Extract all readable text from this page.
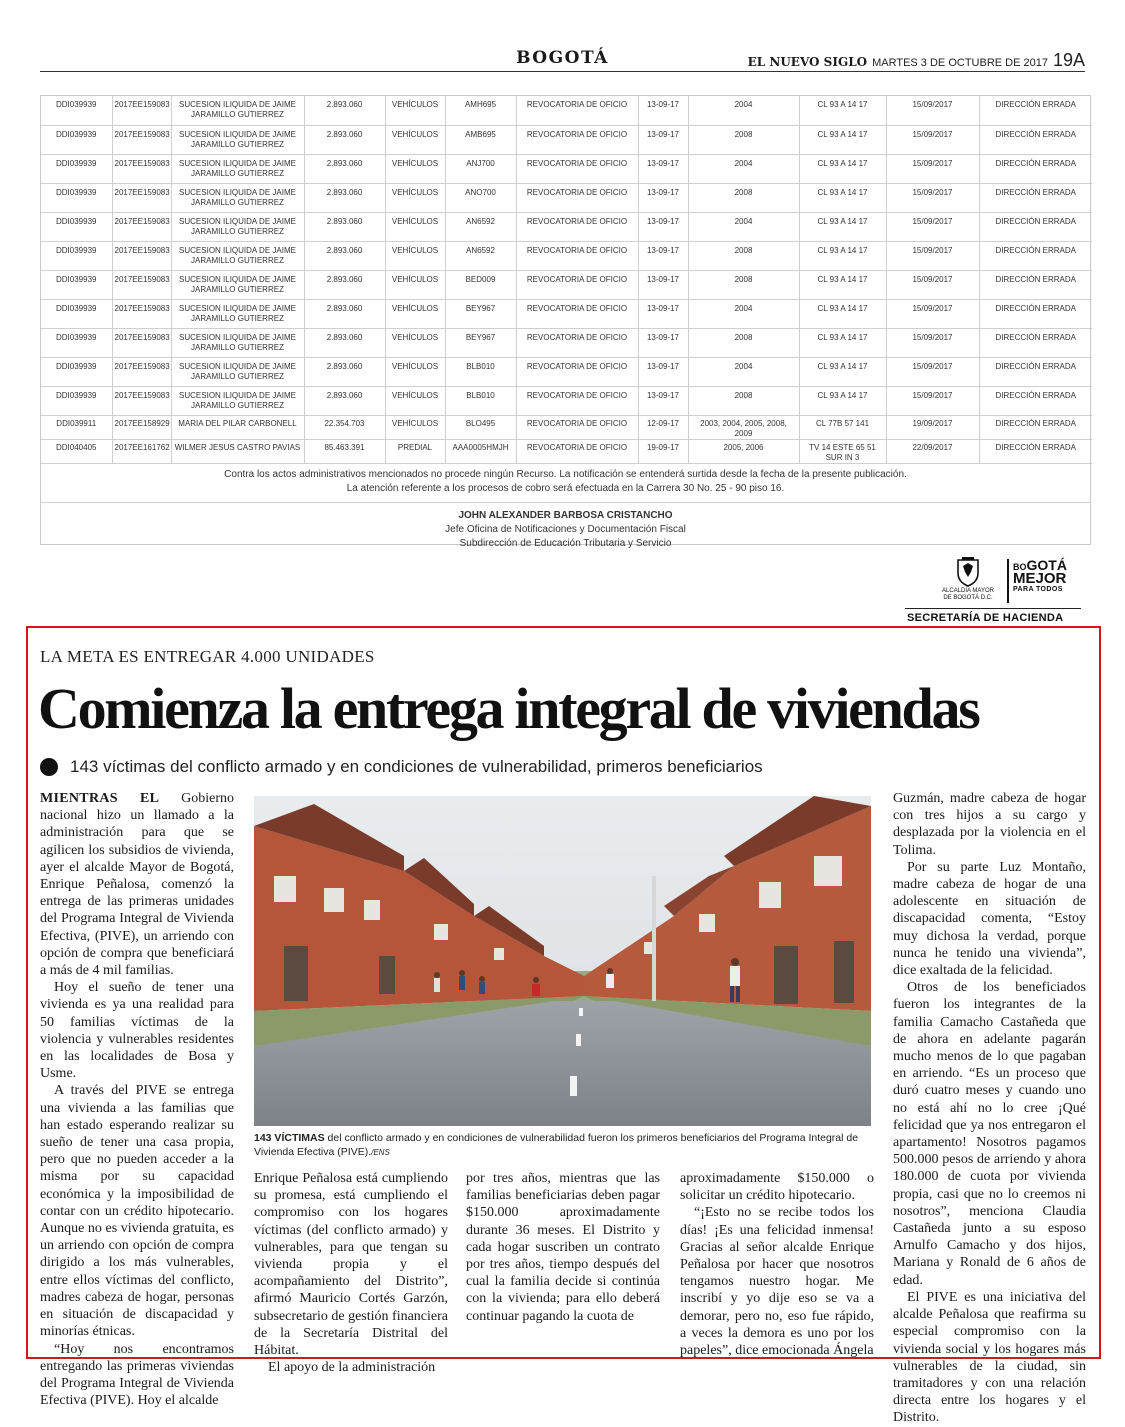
BOGOTÁ	EL NUEVO SIGLO MARTES 3 DE OCTUBRE DE 2017 19A
DDI039939	2017EE159083	SUCESION ILIQUIDA DE JAIME JARAMILLO GUTIERREZ	2.893.060	VEHÍCULOS	AMH695	REVOCATORIA DE OFICIO	13-09-17	2004	CL 93 A 14 17	15/09/2017	DIRECCIÓN ERRADA
DDI039939	2017EE159083	SUCESION ILIQUIDA DE JAIME JARAMILLO GUTIERREZ	2.893.060	VEHÍCULOS	AMB695	REVOCATORIA DE OFICIO	13-09-17	2008	CL 93 A 14 17	15/09/2017	DIRECCIÓN ERRADA
DDI039939	2017EE159083	SUCESION ILIQUIDA DE JAIME JARAMILLO GUTIERREZ	2.893.060	VEHÍCULOS	ANJ700	REVOCATORIA DE OFICIO	13-09-17	2004	CL 93 A 14 17	15/09/2017	DIRECCIÓN ERRADA
DDI039939	2017EE159083	SUCESION ILIQUIDA DE JAIME JARAMILLO GUTIERREZ	2.893.060	VEHÍCULOS	ANO700	REVOCATORIA DE OFICIO	13-09-17	2008	CL 93 A 14 17	15/09/2017	DIRECCIÓN ERRADA
DDI039939	2017EE159083	SUCESION ILIQUIDA DE JAIME JARAMILLO GUTIERREZ	2.893.060	VEHÍCULOS	AN6592	REVOCATORIA DE OFICIO	13-09-17	2004	CL 93 A 14 17	15/09/2017	DIRECCIÓN ERRADA
DDI039939	2017EE159083	SUCESION ILIQUIDA DE JAIME JARAMILLO GUTIERREZ	2.893.060	VEHÍCULOS	AN6592	REVOCATORIA DE OFICIO	13-09-17	2008	CL 93 A 14 17	15/09/2017	DIRECCIÓN ERRADA
DDI039939	2017EE159083	SUCESION ILIQUIDA DE JAIME JARAMILLO GUTIERREZ	2.893.060	VEHÍCULOS	BED009	REVOCATORIA DE OFICIO	13-09-17	2008	CL 93 A 14 17	15/09/2017	DIRECCIÓN ERRADA
DDI039939	2017EE159083	SUCESION ILIQUIDA DE JAIME JARAMILLO GUTIERREZ	2.893.060	VEHÍCULOS	BEY967	REVOCATORIA DE OFICIO	13-09-17	2004	CL 93 A 14 17	15/09/2017	DIRECCIÓN ERRADA
DDI039939	2017EE159083	SUCESION ILIQUIDA DE JAIME JARAMILLO GUTIERREZ	2.893.060	VEHÍCULOS	BEY967	REVOCATORIA DE OFICIO	13-09-17	2008	CL 93 A 14 17	15/09/2017	DIRECCIÓN ERRADA
DDI039939	2017EE159083	SUCESION ILIQUIDA DE JAIME JARAMILLO GUTIERREZ	2.893.060	VEHÍCULOS	BLB010	REVOCATORIA DE OFICIO	13-09-17	2004	CL 93 A 14 17	15/09/2017	DIRECCIÓN ERRADA
DDI039939	2017EE159083	SUCESION ILIQUIDA DE JAIME JARAMILLO GUTIERREZ	2.893.060	VEHÍCULOS	BLB010	REVOCATORIA DE OFICIO	13-09-17	2008	CL 93 A 14 17	15/09/2017	DIRECCIÓN ERRADA
DDI039911	2017EE158929	MARIA DEL PILAR CARBONELL	22.354.703	VEHÍCULOS	BLO495	REVOCATORIA DE OFICIO	12-09-17	2003, 2004, 2005, 2008, 2009	CL 77B 57 141	19/09/2017	DIRECCIÓN ERRADA
DDI040405	2017EE161762	WILMER JESUS CASTRO PAVIAS	85.463.391	PREDIAL	AAA0005HMJH	REVOCATORIA DE OFICIO	19-09-17	2005, 2006	TV 14 ESTE 65 51 SUR IN 3	22/09/2017	DIRECCIÓN ERRADA
Contra los actos administrativos mencionados no procede ningún Recurso. La notificación se entenderá surtida desde la fecha de la presente publicación.
La atención referente a los procesos de cobro será efectuada en la Carrera 30 No. 25 - 90 piso 16.
JOHN ALEXANDER BARBOSA CRISTANCHO
Jefe Oficina de Notificaciones y Documentación Fiscal
Subdirección de Educación Tributaria y Servicio
ALCALDÍA MAYOR
DE BOGOTÁ D.C.
BOGOTÁ
MEJOR
PARA TODOS
SECRETARÍA DE HACIENDA
LA META ES ENTREGAR 4.000 UNIDADES
Comienza la entrega integral de viviendas
143 víctimas del conflicto armado y en condiciones de vulnerabilidad, primeros beneficiarios

MIENTRAS EL Gobierno nacional hizo un llamado a la administración para que se agilicen los subsidios de vivienda, ayer el alcalde Mayor de Bogotá, Enrique Peñalosa, comenzó la entrega de las primeras unidades del Programa Integral de Vivienda Efectiva, (PIVE), un arriendo con opción de compra que beneficiará a más de 4 mil familias.

Hoy el sueño de tener una vivienda es ya una realidad para 50 familias víctimas de la violencia y vulnerables residentes en las localidades de Bosa y Usme.

A través del PIVE se entrega una vivienda a las familias que han estado esperando realizar su sueño de tener una casa propia, pero que no pueden acceder a la misma por su capacidad económica y la imposibilidad de contar con un crédito hipotecario. Aunque no es vivienda gratuita, es un arriendo con opción de compra dirigido a los más vulnerables, entre ellos víctimas del conflicto, madres cabeza de hogar, personas en situación de discapacidad y minorías étnicas.

“Hoy nos encontramos entregando las primeras viviendas del Programa Integral de Vivienda Efectiva (PIVE). Hoy el alcalde

143 VÍCTIMAS del conflicto armado y en condiciones de vulnerabilidad fueron los primeros beneficiarios del Programa Integral de Vivienda Efectiva (PIVE)./ENS

Enrique Peñalosa está cumpliendo su promesa, está cumpliendo el compromiso con los hogares víctimas (del conflicto armado) y vulnerables, para que tengan su vivienda propia y el acompañamiento del Distrito”, afirmó Mauricio Cortés Garzón, subsecretario de gestión financiera de la Secretaría Distrital del Hábitat.

El apoyo de la administración

por tres años, mientras que las familias beneficiarias deben pagar $150.000 aproximadamente durante 36 meses. El Distrito y cada hogar suscriben un contrato por tres años, tiempo después del cual la familia decide si continúa con la vivienda; para ello deberá continuar pagando la cuota de

aproximadamente $150.000 o solicitar un crédito hipotecario.

“¡Esto no se recibe todos los días! ¡Es una felicidad inmensa! Gracias al señor alcalde Enrique Peñalosa por hacer que nosotros tengamos nuestro hogar. Me inscribí y yo dije eso se va a demorar, pero no, eso fue rápido, a veces la demora es uno por los papeles”, dice emocionada Ángela

Guzmán, madre cabeza de hogar con tres hijos a su cargo y desplazada por la violencia en el Tolima.

Por su parte Luz Montaño, madre cabeza de hogar de una adolescente en situación de discapacidad comenta, “Estoy muy dichosa la verdad, porque nunca he tenido una vivienda”, dice exaltada de la felicidad.

Otros de los beneficiados fueron los integrantes de la familia Camacho Castañeda que de ahora en adelante pagarán mucho menos de lo que pagaban en arriendo. “Es un proceso que duró cuatro meses y cuando uno no está ahí no lo cree ¡Qué felicidad que ya nos entregaron el apartamento! Nosotros pagamos 500.000 pesos de arriendo y ahora 180.000 de cuota por vivienda propia, casi que no lo creemos ni nosotros”, menciona Claudia Castañeda junto a su esposo Arnulfo Camacho y dos hijos, Mariana y Ronald de 6 años de edad.

El PIVE es una iniciativa del alcalde Peñalosa que reafirma su especial compromiso con la vivienda social y los hogares más vulnerables de la ciudad, sin tramitadores y con una relación directa entre los hogares y el Distrito.
